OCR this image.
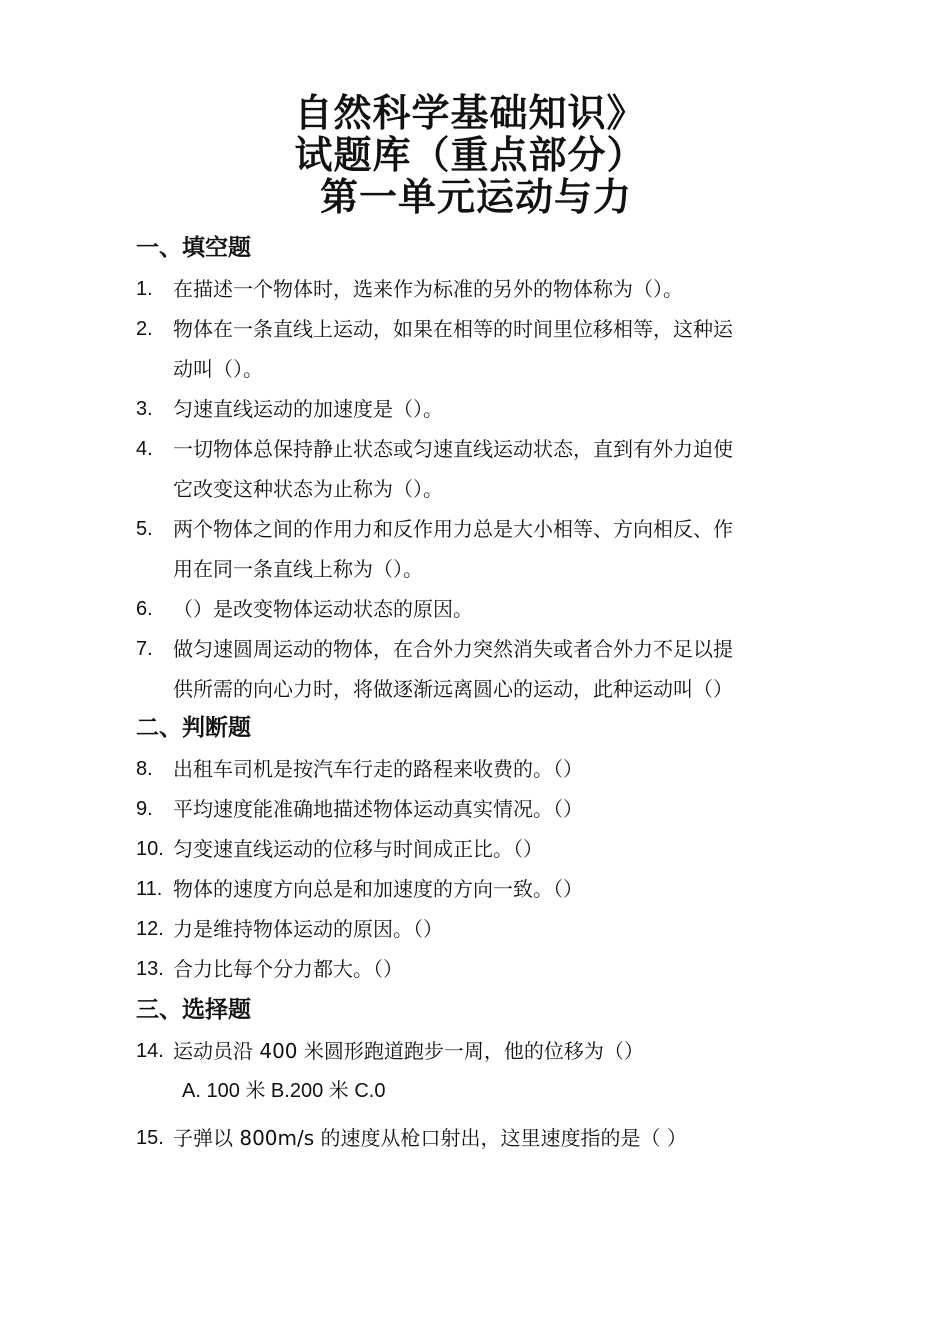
自然科学基础知识》
试题库（重点部分）
第一单元运动与力
一、填空题
1.	在描述一个物体时，选来作为标准的另外的物体称为（）。
2.	物体在一条直线上运动，如果在相等的时间里位移相等，这种运
动叫（）。
3.	匀速直线运动的加速度是（）。
4.	一切物体总保持静止状态或匀速直线运动状态，直到有外力迫使
它改变这种状态为止称为（）。
5.	两个物体之间的作用力和反作用力总是大小相等、方向相反、作
用在同一条直线上称为（）。
6.	（）是改变物体运动状态的原因。
7.	做匀速圆周运动的物体，在合外力突然消失或者合外力不足以提
供所需的向心力时，将做逐渐远离圆心的运动，此种运动叫（）
二、判断题
8.	出租车司机是按汽车行走的路程来收费的。（）
9.	平均速度能准确地描述物体运动真实情况。（）
10. 匀变速直线运动的位移与时间成正比。（）
11. 物体的速度方向总是和加速度的方向一致。（）
12. 力是维持物体运动的原因。（）
13. 合力比每个分力都大。（）
三、选择题
14. 运动员沿 400 米圆形跑道跑步一周，他的位移为（）
A. 100 米 B.200 米 C.0
15. 子弹以 800m/s 的速度从枪口射出，这里速度指的是（ ）
